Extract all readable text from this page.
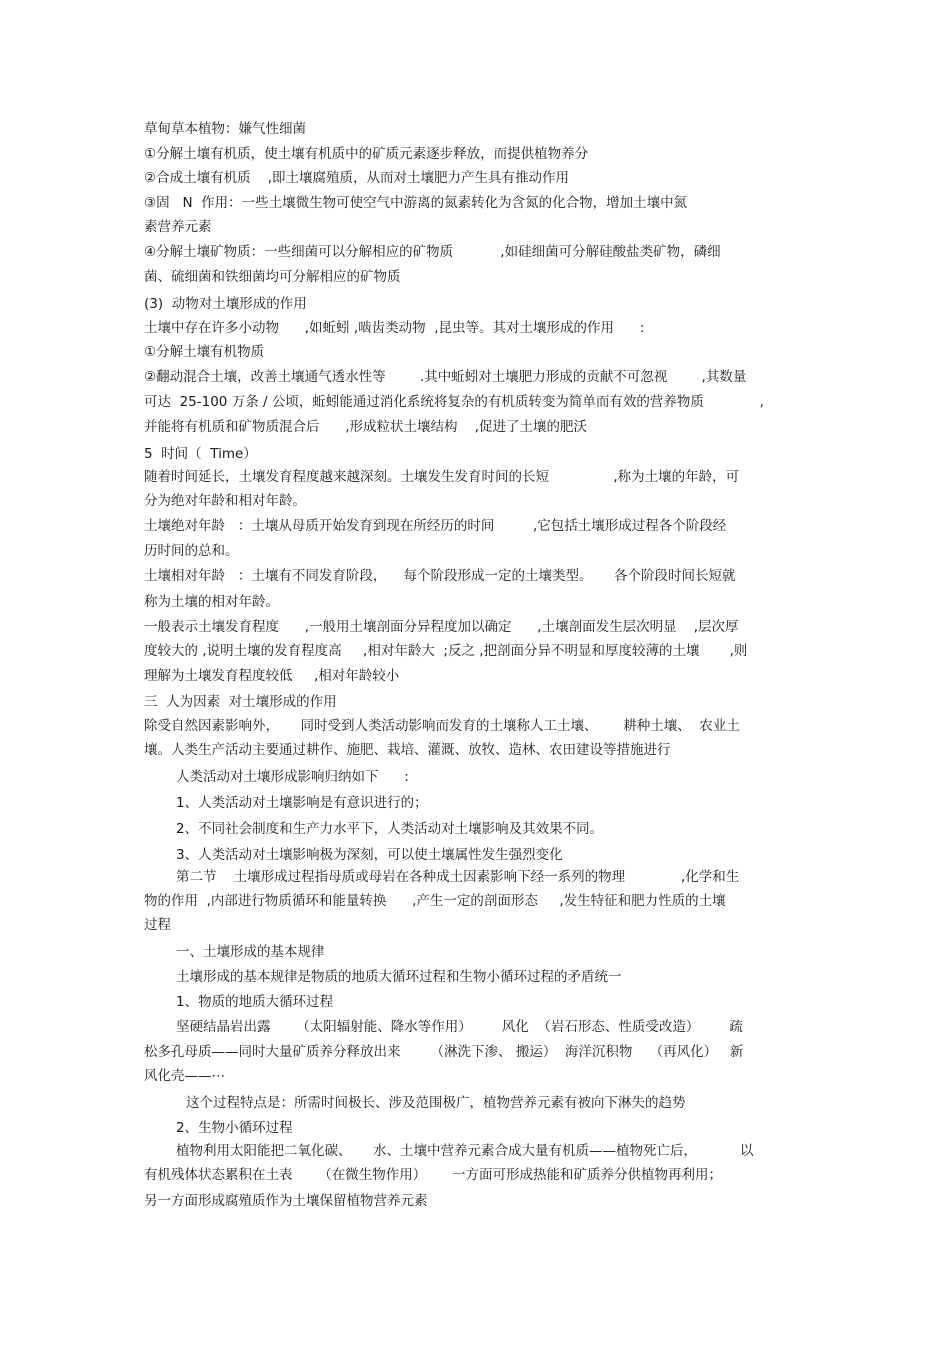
草甸草本植物：嫌气性细菌
①分解土壤有机质，使土壤有机质中的矿质元素逐步释放，而提供植物养分
②合成土壤有机质    ,即土壤腐殖质，从而对土壤肥力产生具有推动作用
③固   N  作用：一些土壤微生物可使空气中游离的氮素转化为含氮的化合物，增加土壤中氮
素营养元素
④分解土壤矿物质：一些细菌可以分解相应的矿物质           ,如硅细菌可分解硅酸盐类矿物，磷细
菌、硫细菌和铁细菌均可分解相应的矿物质
(3)  动物对土壤形成的作用
土壤中存在许多小动物      ,如蚯蚓 ,啮齿类动物  ,昆虫等。其对土壤形成的作用      :
①分解土壤有机物质
②翻动混合土壤，改善土壤通气透水性等        .其中蚯蚓对土壤肥力形成的贡献不可忽视        ,其数量
可达  25-100 万条 / 公顷，蚯蚓能通过消化系统将复杂的有机质转变为简单而有效的营养物质             ,
并能将有机质和矿物质混合后      ,形成粒状土壤结构    ,促进了土壤的肥沃
5  时间（  Time）
随着时间延长，土壤发育程度越来越深刻。土壤发生发育时间的长短               ,称为土壤的年龄，可
分为绝对年龄和相对年龄。
土壤绝对年龄   ：土壤从母质开始发育到现在所经历的时间         ,它包括土壤形成过程各个阶段经
历时间的总和。
土壤相对年龄   ：土壤有不同发育阶段，    每个阶段形成一定的土壤类型。     各个阶段时间长短就
称为土壤的相对年龄。
一般表示土壤发育程度      ,一般用土壤剖面分异程度加以确定      ,土壤剖面发生层次明显    ,层次厚
度较大的 ,说明土壤的发育程度高     ,相对年龄大  ;反之 ,把剖面分异不明显和厚度较薄的土壤       ,则
理解为土壤发育程度较低     ,相对年龄较小
三  人为因素  对土壤形成的作用
除受自然因素影响外，     同时受到人类活动影响而发育的土壤称人工土壤、      耕种土壤、  农业土
壤。人类生产活动主要通过耕作、施肥、栽培、灌溉、放牧、造林、农田建设等措施进行
人类活动对土壤形成影响归纳如下      :
1、人类活动对土壤影响是有意识进行的；
2、不同社会制度和生产力水平下，人类活动对土壤影响及其效果不同。
3、人类活动对土壤影响极为深刻，可以使土壤属性发生强烈变化
第二节    土壤形成过程指母质或母岩在各种成土因素影响下经一系列的物理             ,化学和生
物的作用  ,内部进行物质循环和能量转换      ,产生一定的剖面形态     ,发生特征和肥力性质的土壤
过程
一、土壤形成的基本规律
土壤形成的基本规律是物质的地质大循环过程和生物小循环过程的矛盾统一
1、物质的地质大循环过程
坚硬结晶岩出露      （太阳辐射能、降水等作用）       风化  （岩石形态、性质受改造）       疏
松多孔母质——同时大量矿质养分释放出来       （淋洗下渗、 搬运）  海洋沉积物    （再风化）   新
风化壳——⋯
这个过程特点是：所需时间极长、涉及范围极广，植物营养元素有被向下淋失的趋势
2、生物小循环过程
植物利用太阳能把二氧化碳、     水、土壤中营养元素合成大量有机质——植物死亡后，          以
有机残体状态累积在土表      （在微生物作用）      一方面可形成热能和矿质养分供植物再利用；
另一方面形成腐殖质作为土壤保留植物营养元素
